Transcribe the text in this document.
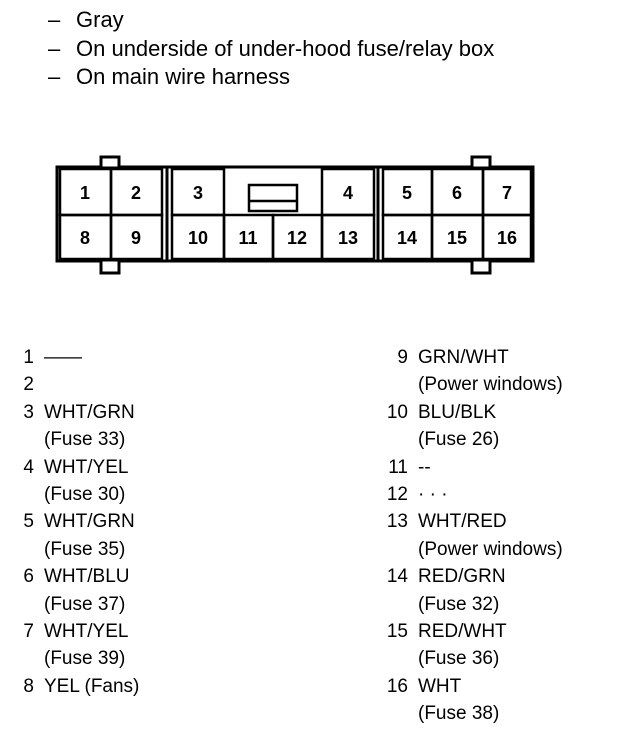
– Gray
– On underside of under-hood fuse/relay box
– On main wire harness
1 2	3	4	5 6 7
8 9	10 11 12 13 14 15 16
1 ——
2
3 WHT/GRN
(Fuse 33)
4 WHT/YEL
(Fuse 30)
5 WHT/GRN
(Fuse 35)
6 WHT/BLU
(Fuse 37)
7 WHT/YEL
(Fuse 39)
8 YEL (Fans)
9 GRN/WHT
(Power windows)
10 BLU/BLK
(Fuse 26)
11 --
12 · · ·
13 WHT/RED
(Power windows)
14 RED/GRN
(Fuse 32)
15 RED/WHT
(Fuse 36)
16 WHT
(Fuse 38)
